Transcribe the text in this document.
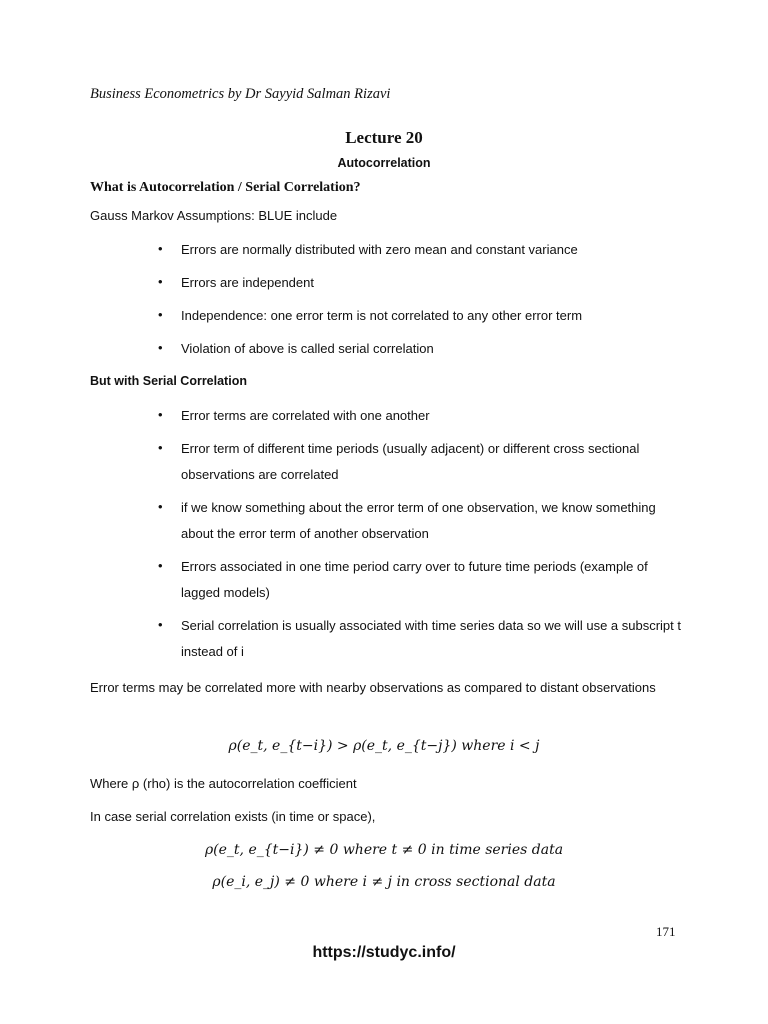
Business Econometrics by Dr Sayyid Salman Rizavi
Lecture 20
Autocorrelation
What is Autocorrelation / Serial Correlation?
Gauss Markov Assumptions: BLUE include
• Errors are normally distributed with zero mean and constant variance
• Errors are independent
• Independence: one error term is not correlated to any other error term
• Violation of above is called serial correlation
But with Serial Correlation
• Error terms are correlated with one another
• Error term of different time periods (usually adjacent) or different cross sectional observations are correlated
• if we know something about the error term of one observation, we know something about the error term of another observation
• Errors associated in one time period carry over to future time periods (example of lagged models)
• Serial correlation is usually associated with time series data so we will use a subscript t instead of i
Error terms may be correlated more with nearby observations as compared to distant observations
ρ(e_t, e_{t−i}) > ρ(e_t, e_{t−j}) where i < j
Where ρ (rho) is the autocorrelation coefficient
In case serial correlation exists (in time or space),
ρ(e_t, e_{t−i}) ≠ 0 where t ≠ 0 in time series data
ρ(e_i, e_j) ≠ 0 where i ≠ j in cross sectional data
171
https://studyc.info/
